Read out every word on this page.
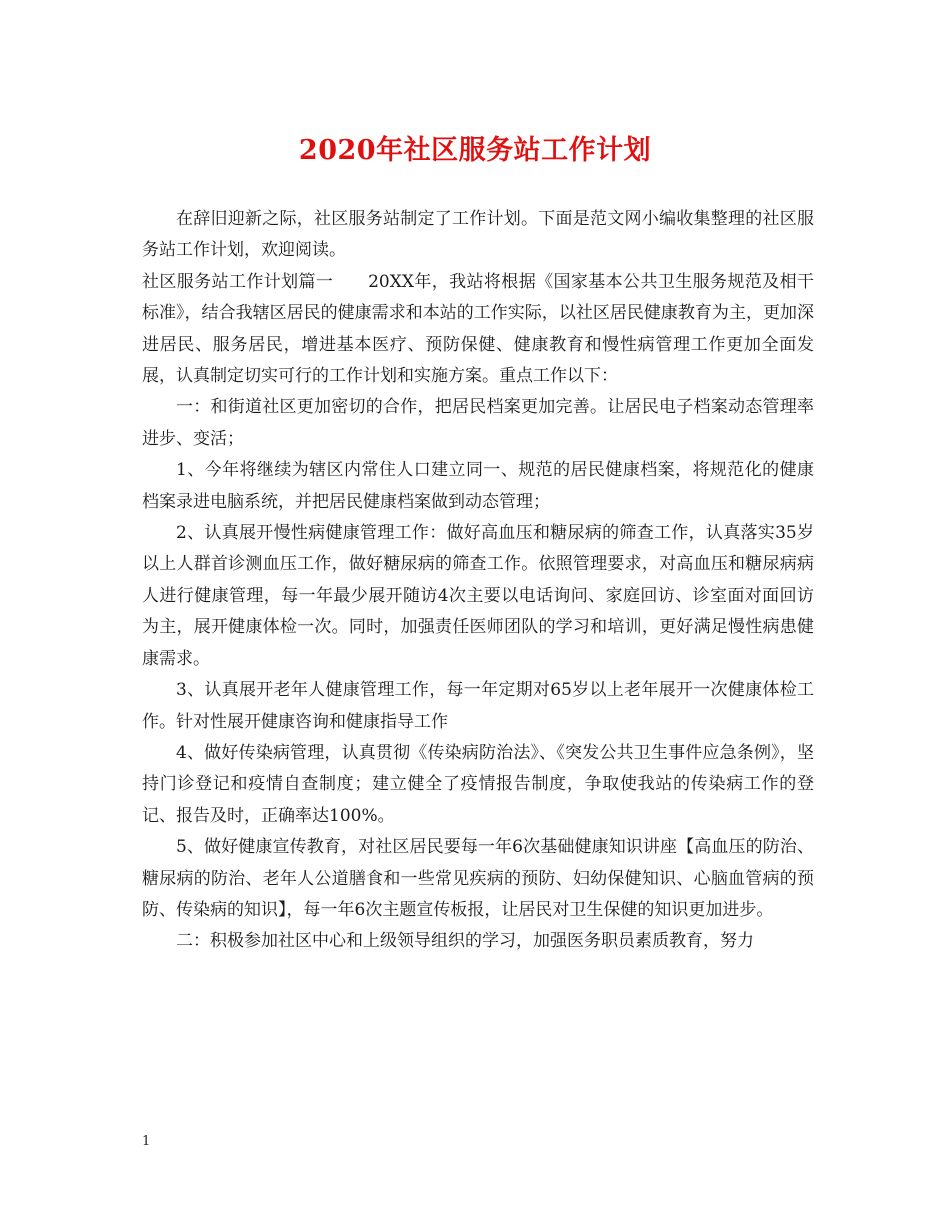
2020年社区服务站工作计划

在辞旧迎新之际，社区服务站制定了工作计划。下面是范文网小编收集整理的社区服务站工作计划，欢迎阅读。

社区服务站工作计划篇一　　20XX年，我站将根据《国家基本公共卫生服务规范及相干标准》，结合我辖区居民的健康需求和本站的工作实际，以社区居民健康教育为主，更加深进居民、服务居民，增进基本医疗、预防保健、健康教育和慢性病管理工作更加全面发展，认真制定切实可行的工作计划和实施方案。重点工作以下：

一：和街道社区更加密切的合作，把居民档案更加完善。让居民电子档案动态管理率进步、变活；

1、今年将继续为辖区内常住人口建立同一、规范的居民健康档案，将规范化的健康档案录进电脑系统，并把居民健康档案做到动态管理；

2、认真展开慢性病健康管理工作：做好高血压和糖尿病的筛查工作，认真落实35岁以上人群首诊测血压工作，做好糖尿病的筛查工作。依照管理要求，对高血压和糖尿病病人进行健康管理，每一年最少展开随访4次主要以电话询问、家庭回访、诊室面对面回访为主，展开健康体检一次。同时，加强责任医师团队的学习和培训，更好满足慢性病患健康需求。

3、认真展开老年人健康管理工作，每一年定期对65岁以上老年展开一次健康体检工作。针对性展开健康咨询和健康指导工作

4、做好传染病管理，认真贯彻《传染病防治法》、《突发公共卫生事件应急条例》，坚持门诊登记和疫情自查制度；建立健全了疫情报告制度，争取使我站的传染病工作的登记、报告及时，正确率达100%。

5、做好健康宣传教育，对社区居民要每一年6次基础健康知识讲座【高血压的防治、糖尿病的防治、老年人公道膳食和一些常见疾病的预防、妇幼保健知识、心脑血管病的预防、传染病的知识】，每一年6次主题宣传板报，让居民对卫生保健的知识更加进步。

二：积极参加社区中心和上级领导组织的学习，加强医务职员素质教育，努力

1
